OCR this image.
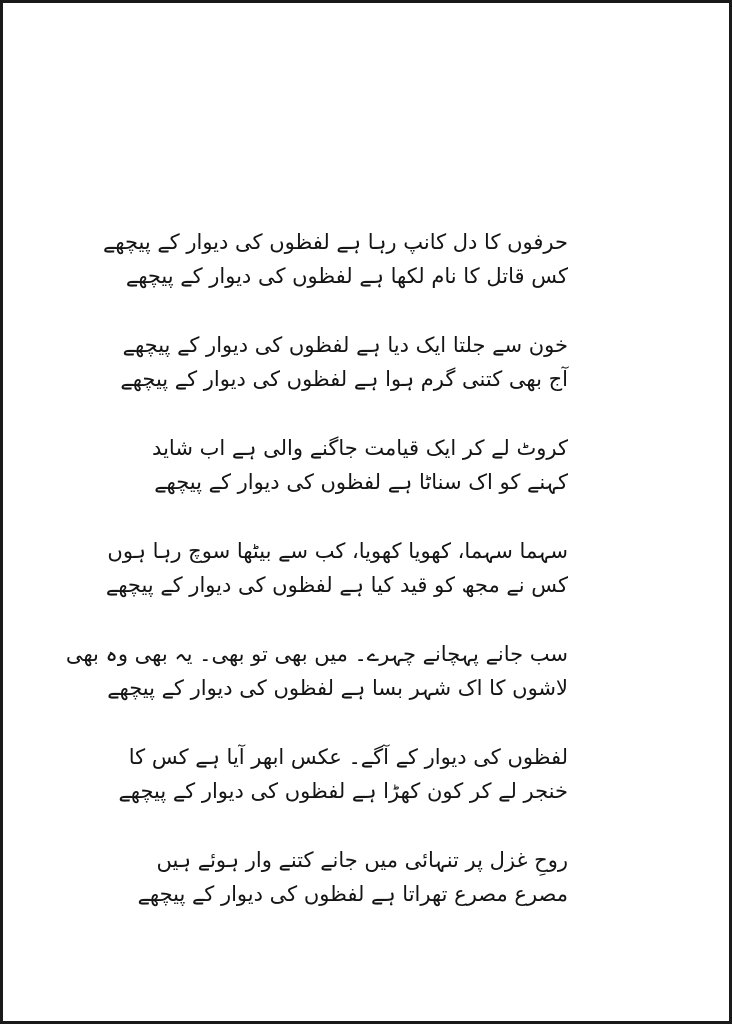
حرفوں کا دل کانپ رہا ہے لفظوں کی دیوار کے پیچھے
کس قاتل کا نام لکھا ہے لفظوں کی دیوار کے پیچھے
خون سے جلتا ایک دیا ہے لفظوں کی دیوار کے پیچھے
آج بھی کتنی گرم ہوا ہے لفظوں کی دیوار کے پیچھے
کروٹ لے کر ایک قیامت جاگنے والی ہے اب شاید
کہنے کو اک سناٹا ہے لفظوں کی دیوار کے پیچھے
سہما سہما، کھویا کھویا، کب سے بیٹھا سوچ رہا ہوں
کس نے مجھ کو قید کیا ہے لفظوں کی دیوار کے پیچھے
سب جانے پہچانے چہرے۔ میں بھی تو بھی۔ یہ بھی وہ بھی
لاشوں کا اک شہر بسا ہے لفظوں کی دیوار کے پیچھے
لفظوں کی دیوار کے آگے۔ عکس ابھر آیا ہے کس کا
خنجر لے کر کون کھڑا ہے لفظوں کی دیوار کے پیچھے
روحِ غزل پر تنہائی میں جانے کتنے وار ہوئے ہیں
مصرع مصرع تھراتا ہے لفظوں کی دیوار کے پیچھے
